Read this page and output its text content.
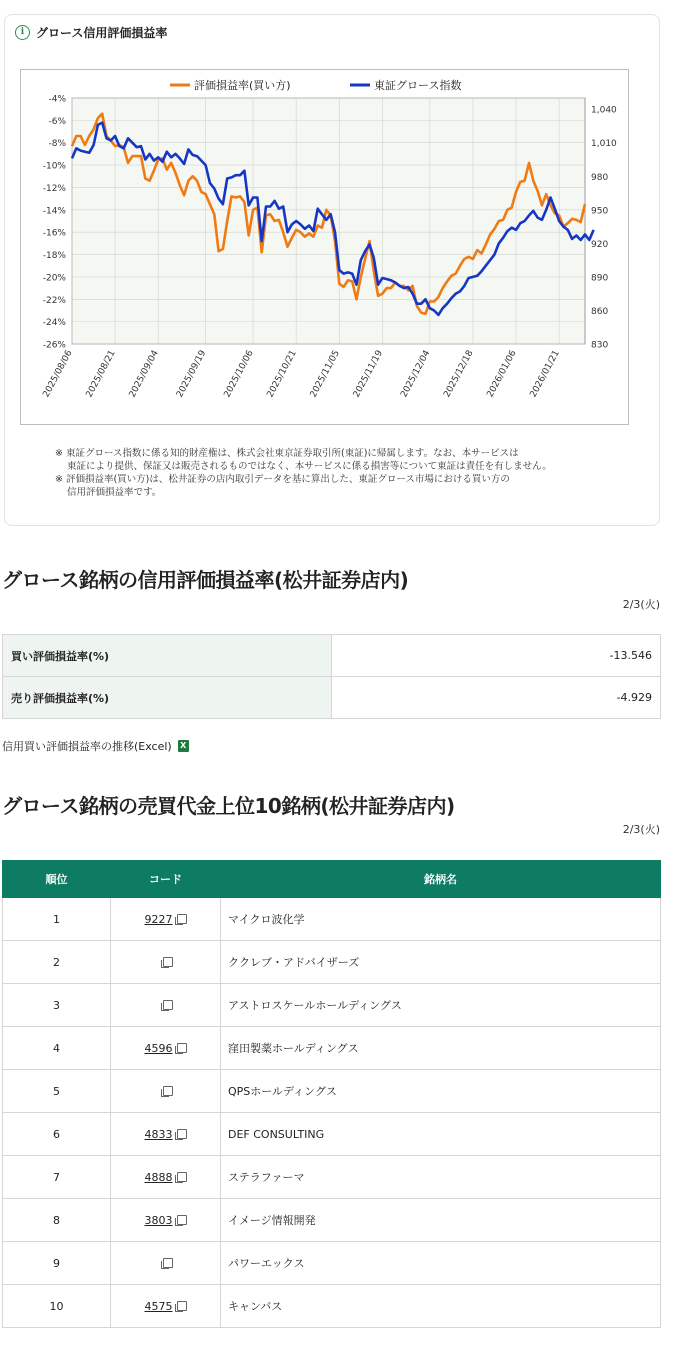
i グロース信用評価損益率
-4%
-6%
-8%
-10%
-12%
-14%
-16%
-18%
-20%
-22%
-24%
-26%
1,040
1,010
980
950
920
890
860
830
2025/08/06 2025/08/21 2025/09/04 2025/09/19 2025/10/06 2025/10/21 2025/11/05 2025/11/19 2025/12/04 2025/12/18 2026/01/06 2026/01/21
評価損益率(買い方)	東証グロース指数
※ 東証グロース指数に係る知的財産権は、株式会社東京証券取引所(東証)に帰属します。なお、本サービスは
東証により提供、保証又は販売されるものではなく、本サービスに係る損害等について東証は責任を有しません。
※ 評価損益率(買い方)は、松井証券の店内取引データを基に算出した、東証グロース市場における買い方の
信用評価損益率です。
グロース銘柄の信用評価損益率(松井証券店内)
2/3(火)
買い評価損益率(%)	-13.546
売り評価損益率(%)	-4.929
信用買い評価損益率の推移(Excel)	X
グロース銘柄の売買代金上位10銘柄(松井証券店内)
2/3(火)
順位	コード	銘柄名
1	9227	マイクロ波化学
2		ククレブ・アドバイザーズ
3		アストロスケールホールディングス
4	4596	窪田製薬ホールディングス
5		QPSホールディングス
6	4833	DEF CONSULTING
7	4888	ステラファーマ
8	3803	イメージ情報開発
9		パワーエックス
10	4575	キャンバス
